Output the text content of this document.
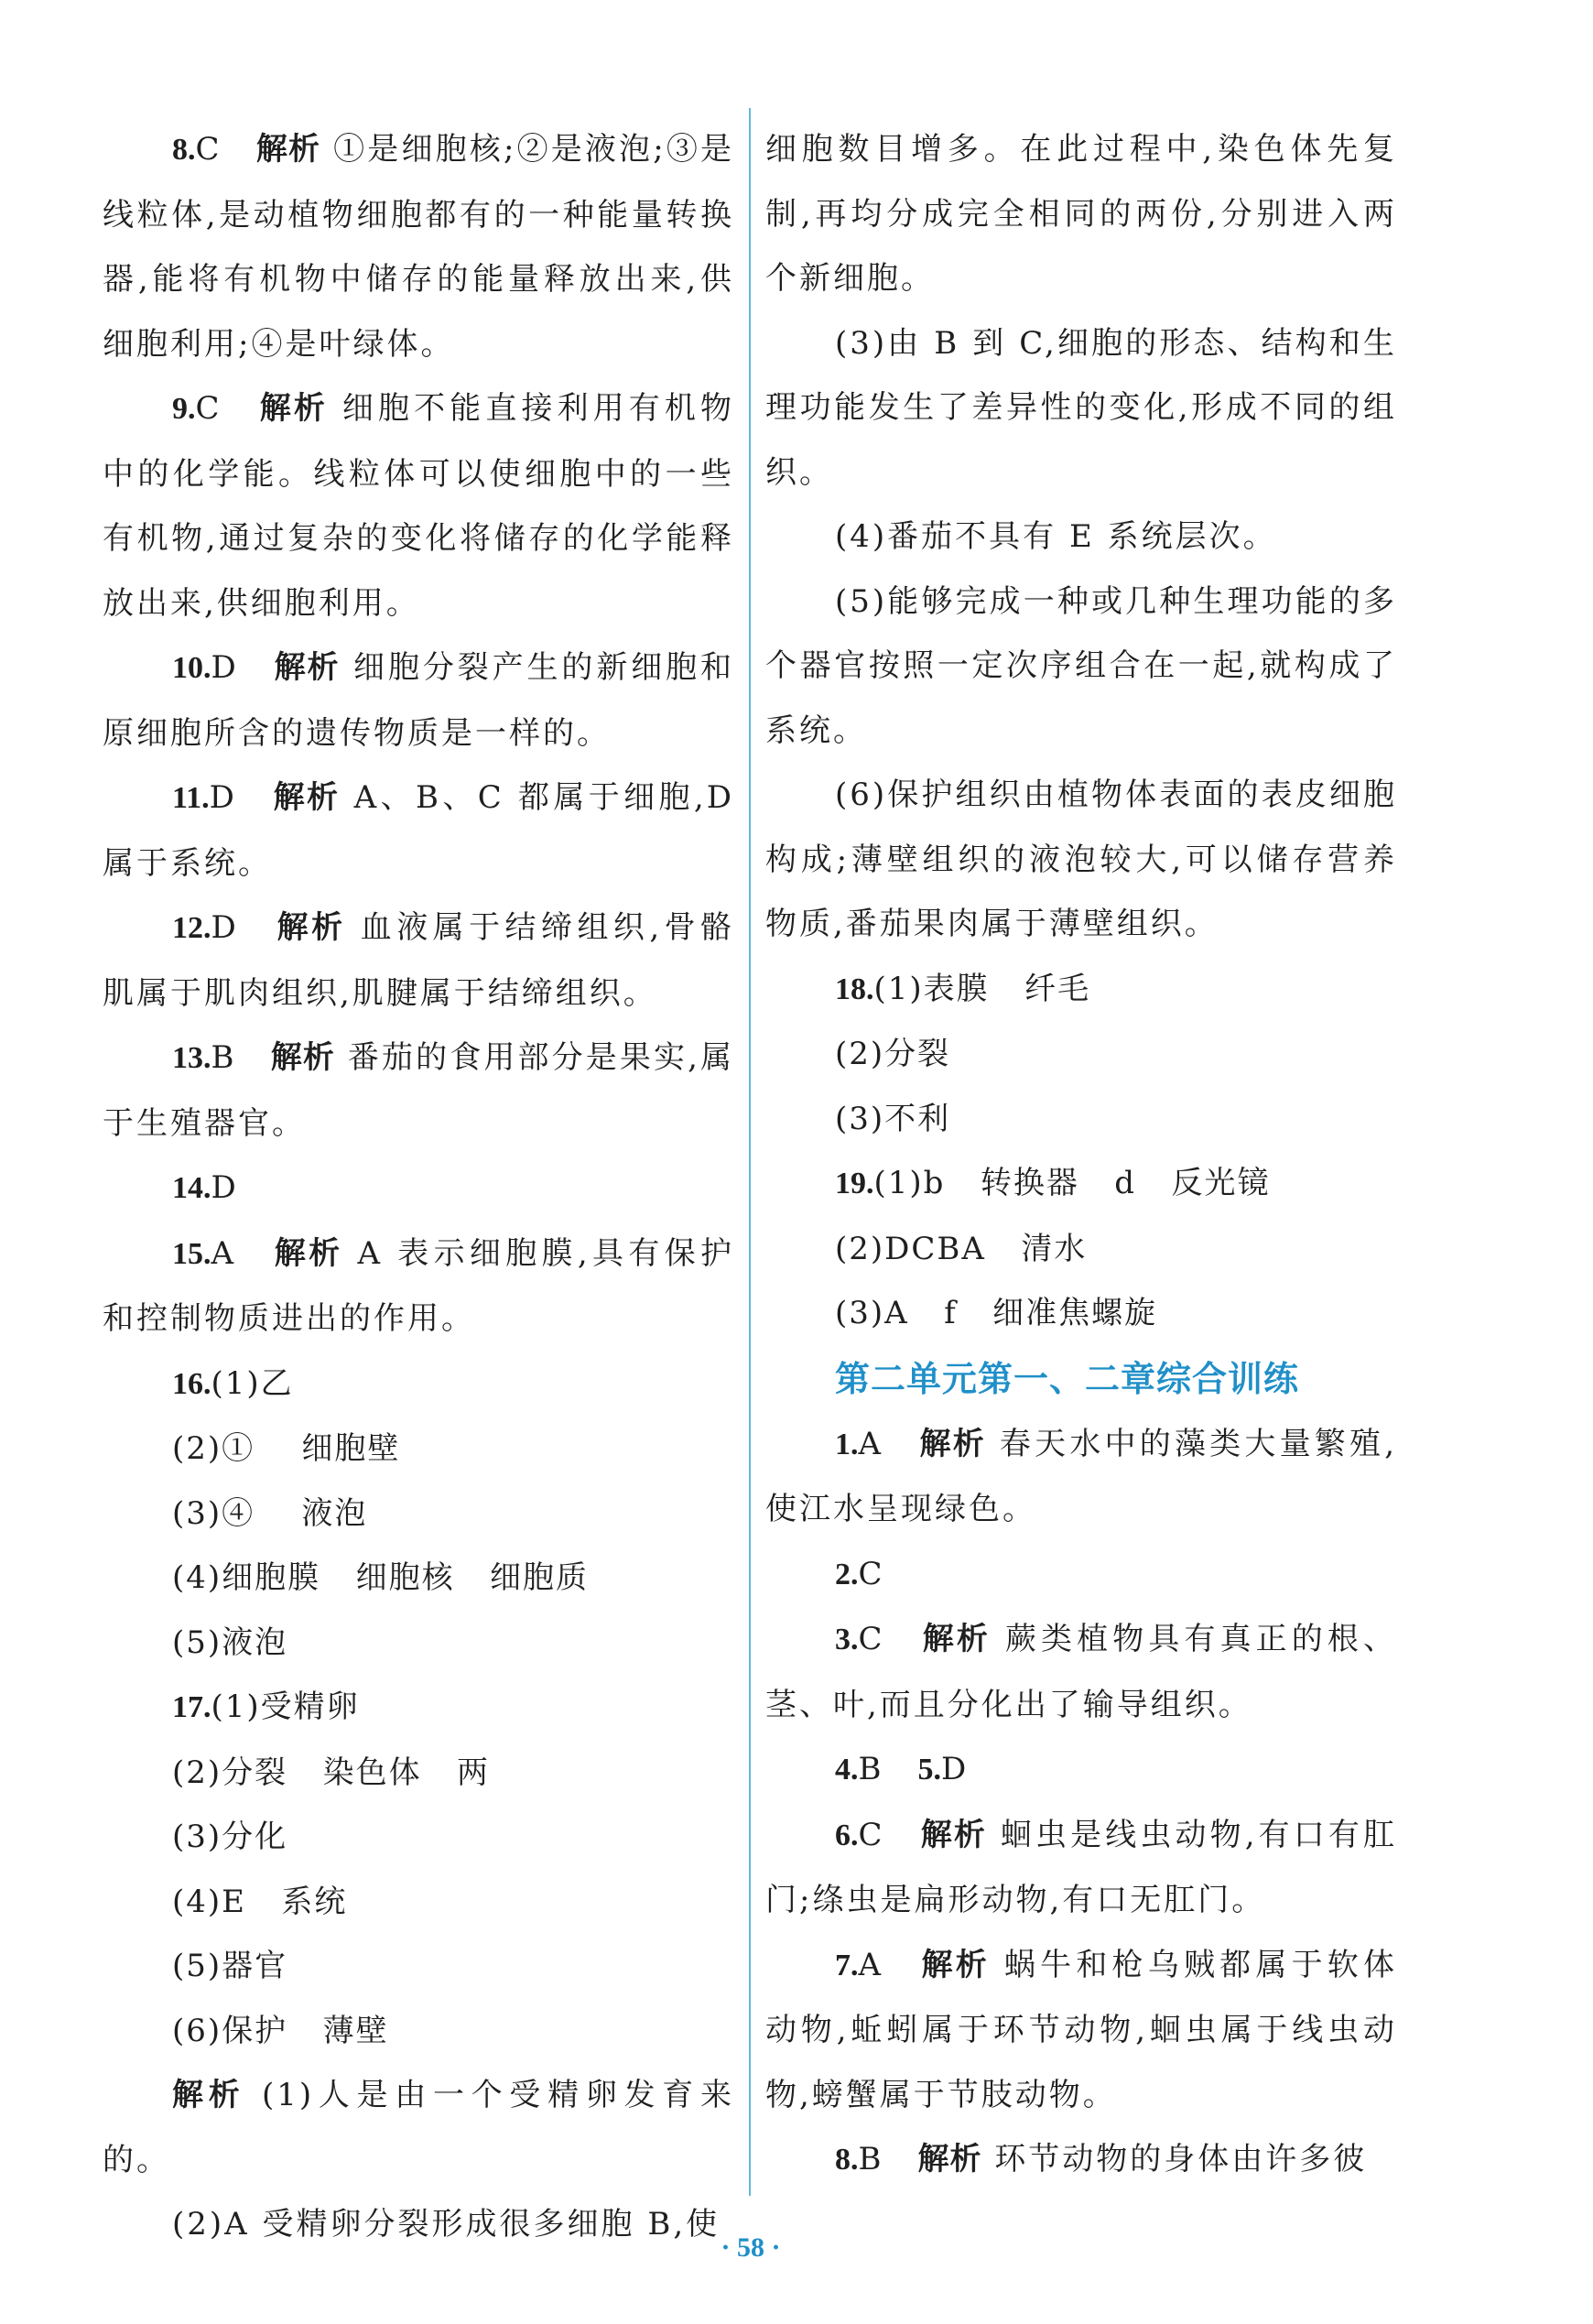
8.C　 解析 ①是细胞核;②是液泡;③是线粒体,是动植物细胞都有的一种能量转换器,能将有机物中储存的能量释放出来,供细胞利用;④是叶绿体。

9.C　 解析 细胞不能直接利用有机物中的化学能。线粒体可以使细胞中的一些有机物,通过复杂的变化将储存的化学能释放出来,供细胞利用。

10.D　 解析 细胞分裂产生的新细胞和原细胞所含的遗传物质是一样的。

11.D　 解析 A、B、C 都属于细胞,D属于系统。

12.D　 解析 血液属于结缔组织,骨骼肌属于肌肉组织,肌腱属于结缔组织。

13.B　 解析 番茄的食用部分是果实,属于生殖器官。

14.D

15.A　 解析 A 表示细胞膜,具有保护和控制物质进出的作用。

16.(1)乙

(2)①    细胞壁

(3)④    液泡

(4)细胞膜   细胞核   细胞质

(5)液泡

17.(1)受精卵

(2)分裂   染色体   两

(3)分化

(4)E   系统

(5)器官

(6)保护   薄壁

解析 (1)人是由一个受精卵发育来的。

(2)A 受精卵分裂形成很多细胞 B,使

细胞数目增多。在此过程中,染色体先复制,再均分成完全相同的两份,分别进入两个新细胞。

(3)由 B 到 C,细胞的形态、结构和生理功能发生了差异性的变化,形成不同的组织。

(4)番茄不具有 E 系统层次。

(5)能够完成一种或几种生理功能的多个器官按照一定次序组合在一起,就构成了系统。

(6)保护组织由植物体表面的表皮细胞构成;薄壁组织的液泡较大,可以储存营养物质,番茄果肉属于薄壁组织。

18.(1)表膜   纤毛

(2)分裂

(3)不利

19.(1)b   转换器   d   反光镜

(2)DCBA   清水

(3)A   f   细准焦螺旋

第二单元第一、二章综合训练

1.A　 解析 春天水中的藻类大量繁殖,使江水呈现绿色。

2.C

3.C　 解析 蕨类植物具有真正的根、茎、叶,而且分化出了输导组织。

4.B　 5.D

6.C　 解析 蛔虫是线虫动物,有口有肛门;绦虫是扁形动物,有口无肛门。

7.A　 解析 蜗牛和枪乌贼都属于软体动物,蚯蚓属于环节动物,蛔虫属于线虫动物,螃蟹属于节肢动物。

8.B　 解析 环节动物的身体由许多彼

· 58 ·
